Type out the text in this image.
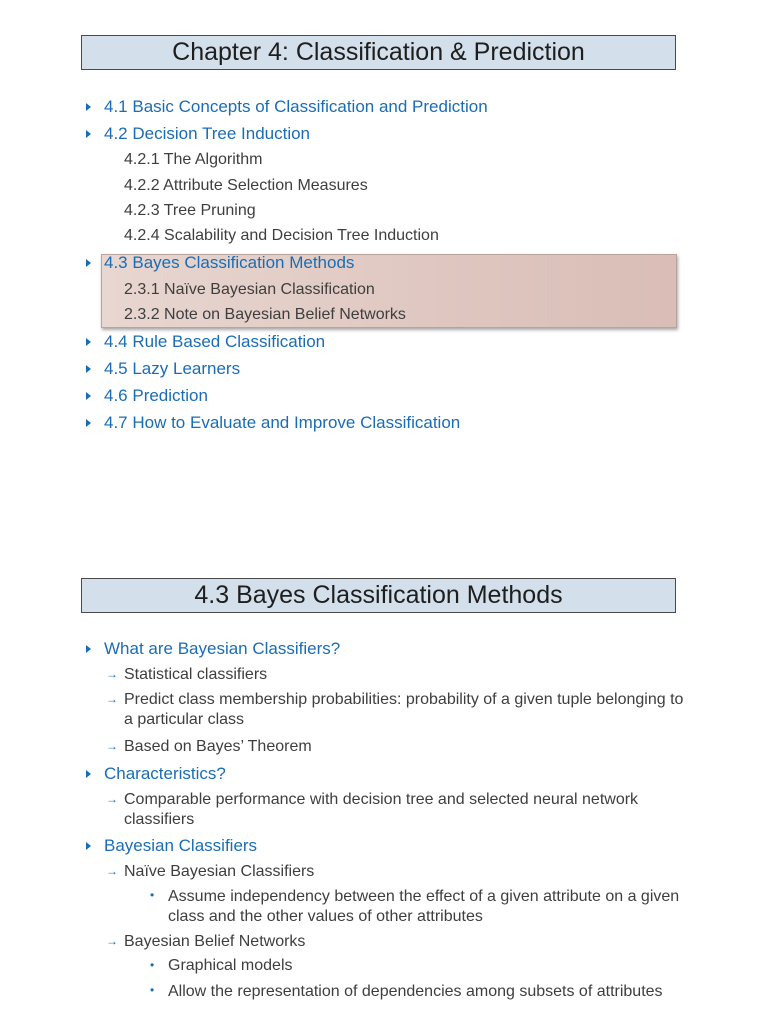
Chapter 4: Classification & Prediction
4.1 Basic Concepts of Classification and Prediction
4.2 Decision Tree Induction
4.2.1 The Algorithm
4.2.2 Attribute Selection Measures
4.2.3 Tree Pruning
4.2.4 Scalability and Decision Tree Induction
4.3 Bayes Classification Methods
2.3.1 Naïve Bayesian Classification
2.3.2 Note on Bayesian Belief Networks
4.4 Rule Based Classification
4.5 Lazy Learners
4.6 Prediction
4.7 How to Evaluate and Improve Classification
4.3 Bayes Classification Methods
What are Bayesian Classifiers?
→ Statistical classifiers
→ Predict class membership probabilities: probability of a given tuple belonging to a particular class
→ Based on Bayes’ Theorem
Characteristics?
→ Comparable performance with decision tree and selected neural network classifiers
Bayesian Classifiers
→ Naïve Bayesian Classifiers
• Assume independency between the effect of a given attribute on a given class and the other values of other attributes
→ Bayesian Belief Networks
• Graphical models
• Allow the representation of dependencies among subsets of attributes
